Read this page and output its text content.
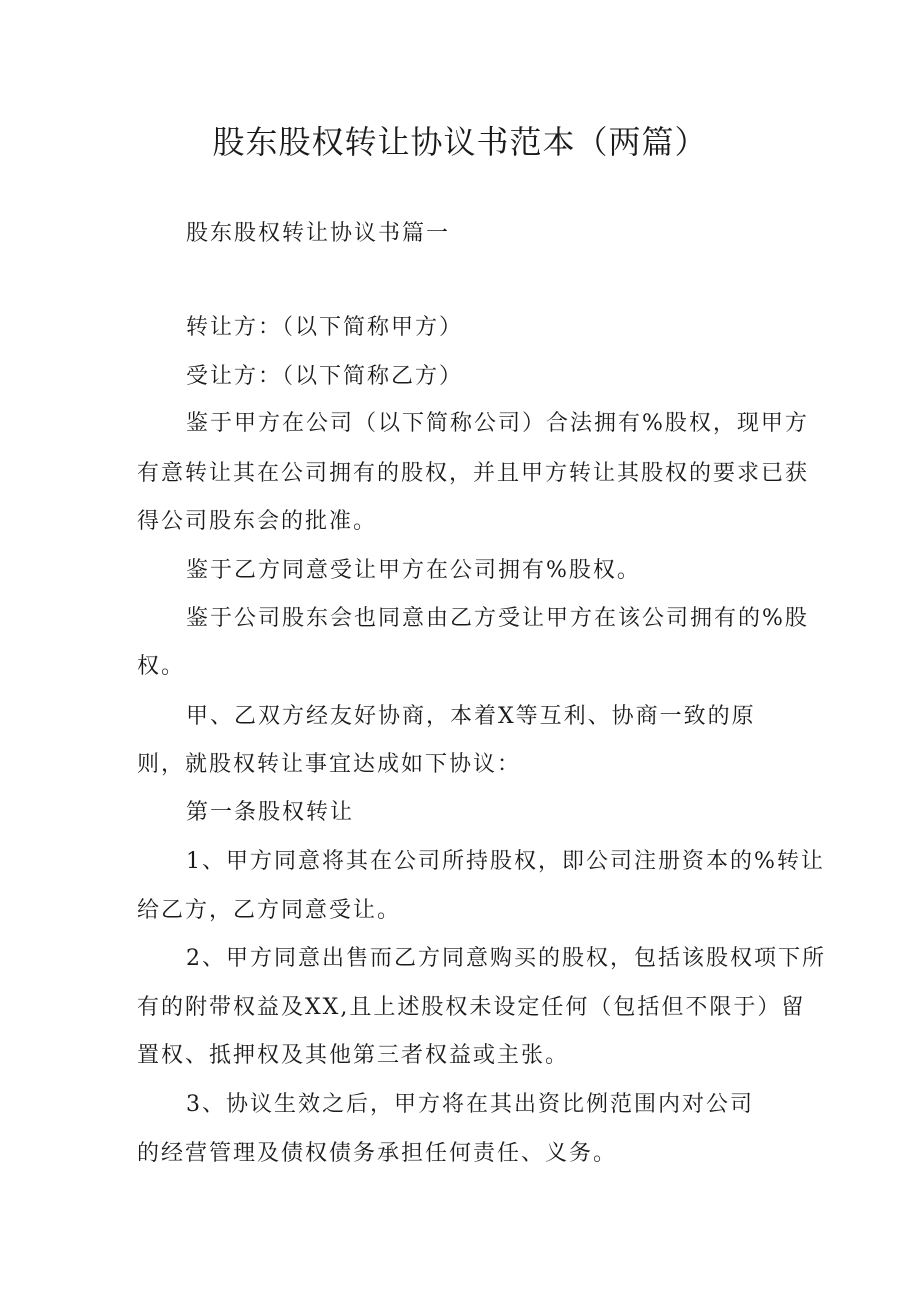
股东股权转让协议书范本（两篇）
股东股权转让协议书篇一
转让方：（以下简称甲方）
受让方：（以下简称乙方）
鉴于甲方在公司（以下简称公司）合法拥有%股权，现甲方
有意转让其在公司拥有的股权，并且甲方转让其股权的要求已获
得公司股东会的批准。
鉴于乙方同意受让甲方在公司拥有%股权。
鉴于公司股东会也同意由乙方受让甲方在该公司拥有的%股
权。
甲、乙双方经友好协商，本着X等互利、协商一致的原
则，就股权转让事宜达成如下协议：
第一条股权转让
1、甲方同意将其在公司所持股权，即公司注册资本的%转让
给乙方，乙方同意受让。
2、甲方同意出售而乙方同意购买的股权，包括该股权项下所
有的附带权益及XX,且上述股权未设定任何（包括但不限于）留
置权、抵押权及其他第三者权益或主张。
3、协议生效之后，甲方将在其出资比例范围内对公司
的经营管理及债权债务承担任何责任、义务。
